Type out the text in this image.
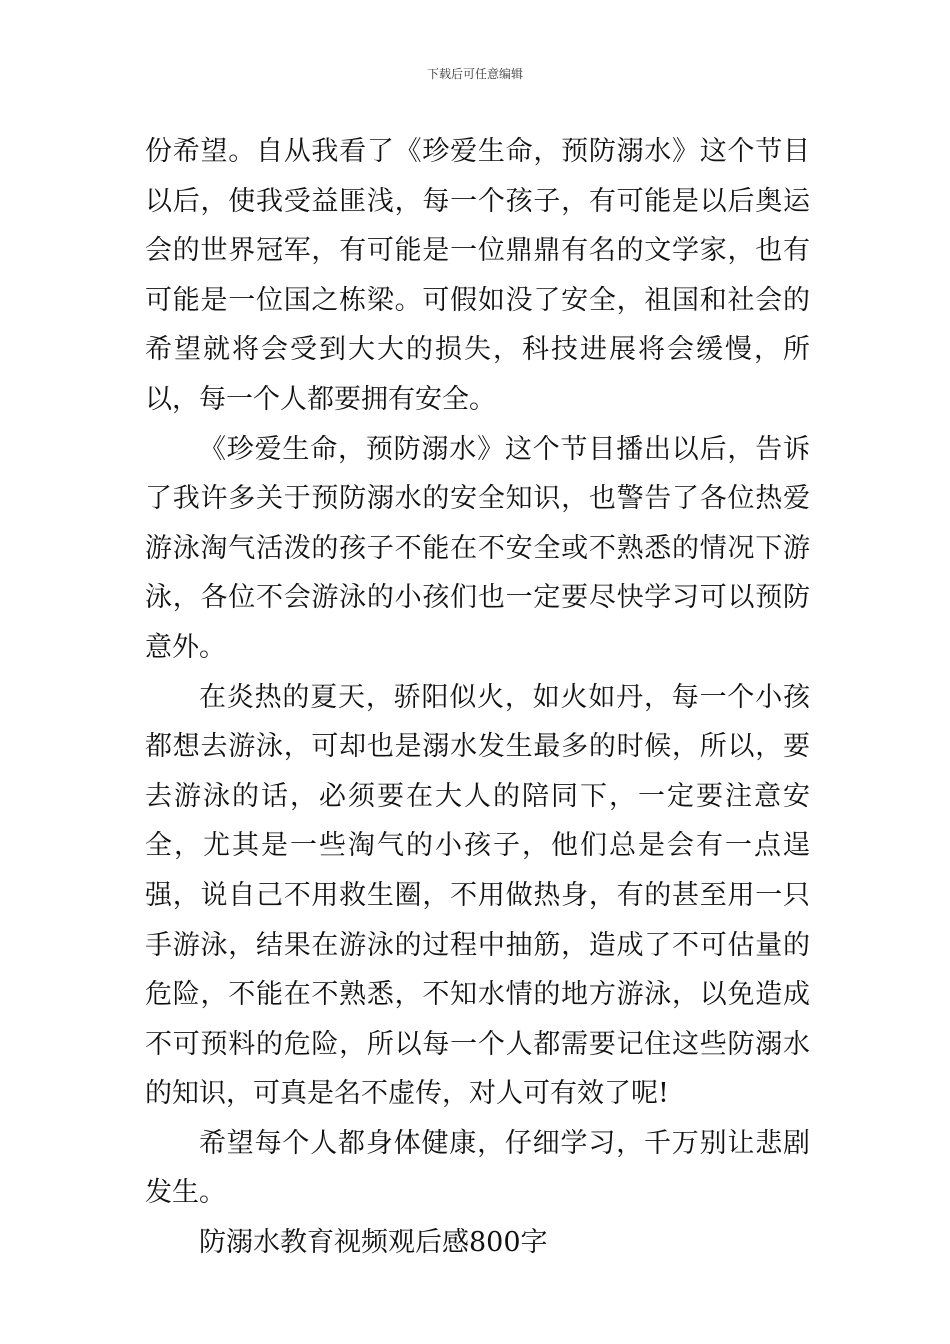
下载后可任意编辑

份希望。自从我看了《珍爱生命，预防溺水》这个节目以后，使我受益匪浅，每一个孩子，有可能是以后奥运会的世界冠军，有可能是一位鼎鼎有名的文学家，也有可能是一位国之栋梁。可假如没了安全，祖国和社会的希望就将会受到大大的损失，科技进展将会缓慢，所以，每一个人都要拥有安全。

《珍爱生命，预防溺水》这个节目播出以后，告诉了我许多关于预防溺水的安全知识，也警告了各位热爱游泳淘气活泼的孩子不能在不安全或不熟悉的情况下游泳，各位不会游泳的小孩们也一定要尽快学习可以预防意外。

在炎热的夏天，骄阳似火，如火如丹，每一个小孩都想去游泳，可却也是溺水发生最多的时候，所以，要去游泳的话，必须要在大人的陪同下，一定要注意安全，尤其是一些淘气的小孩子，他们总是会有一点逞强，说自己不用救生圈，不用做热身，有的甚至用一只手游泳，结果在游泳的过程中抽筋，造成了不可估量的危险，不能在不熟悉，不知水情的地方游泳，以免造成不可预料的危险，所以每一个人都需要记住这些防溺水的知识，可真是名不虚传，对人可有效了呢!

希望每个人都身体健康，仔细学习，千万别让悲剧发生。

防溺水教育视频观后感800字
